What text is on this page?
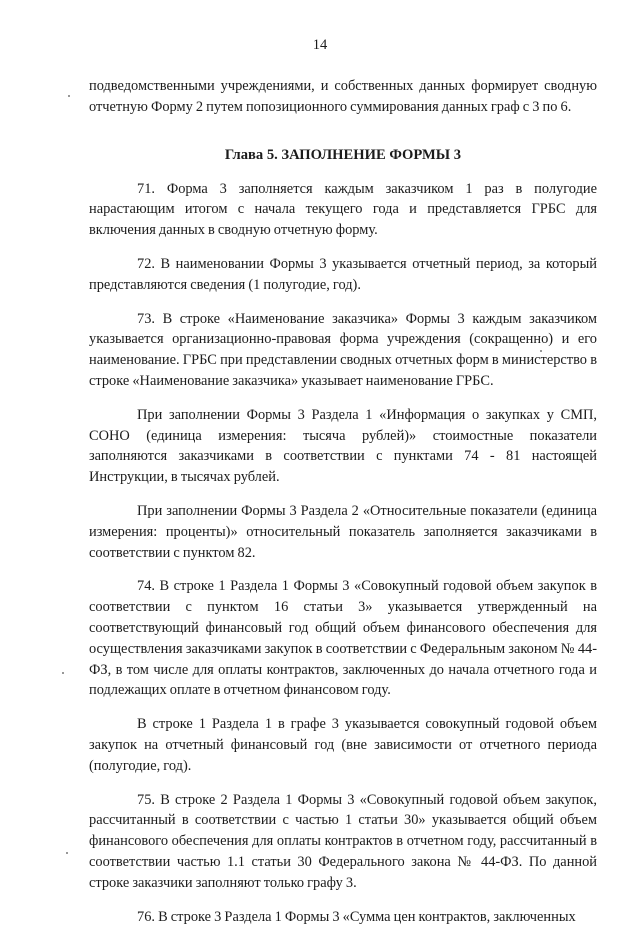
14

подведомственными учреждениями, и собственных данных формирует сводную отчетную Форму 2 путем попозиционного суммирования данных граф с 3 по 6.

Глава 5. ЗАПОЛНЕНИЕ ФОРМЫ 3

71. Форма 3 заполняется каждым заказчиком 1 раз в полугодие нарастающим итогом с начала текущего года и представляется ГРБС для включения данных в сводную отчетную форму.

72. В наименовании Формы 3 указывается отчетный период, за который представляются сведения (1 полугодие, год).

73. В строке «Наименование заказчика» Формы 3 каждым заказчиком указывается организационно-правовая форма учреждения (сокращенно) и его наименование. ГРБС при представлении сводных отчетных форм в министерство в строке «Наименование заказчика» указывает наименование ГРБС.

При заполнении Формы 3 Раздела 1 «Информация о закупках у СМП, СОНО (единица измерения: тысяча рублей)» стоимостные показатели заполняются заказчиками в соответствии с пунктами 74 - 81 настоящей Инструкции, в тысячах рублей.

При заполнении Формы 3 Раздела 2 «Относительные показатели (единица измерения: проценты)» относительный показатель заполняется заказчиками в соответствии с пунктом 82.

74. В строке 1 Раздела 1 Формы 3 «Совокупный годовой объем закупок в соответствии с пунктом 16 статьи 3» указывается утвержденный на соответствующий финансовый год общий объем финансового обеспечения для осуществления заказчиками закупок в соответствии с Федеральным законом № 44-ФЗ, в том числе для оплаты контрактов, заключенных до начала отчетного года и подлежащих оплате в отчетном финансовом году.

В строке 1 Раздела 1 в графе 3 указывается совокупный годовой объем закупок на отчетный финансовый год (вне зависимости от отчетного периода (полугодие, год).

75. В строке 2 Раздела 1 Формы 3 «Совокупный годовой объем закупок, рассчитанный в соответствии с частью 1 статьи 30» указывается общий объем финансового обеспечения для оплаты контрактов в отчетном году, рассчитанный в соответствии частью 1.1 статьи 30 Федерального закона № 44-ФЗ. По данной строке заказчики заполняют только графу 3.

76. В строке 3 Раздела 1 Формы 3 «Сумма цен контрактов, заключенных
